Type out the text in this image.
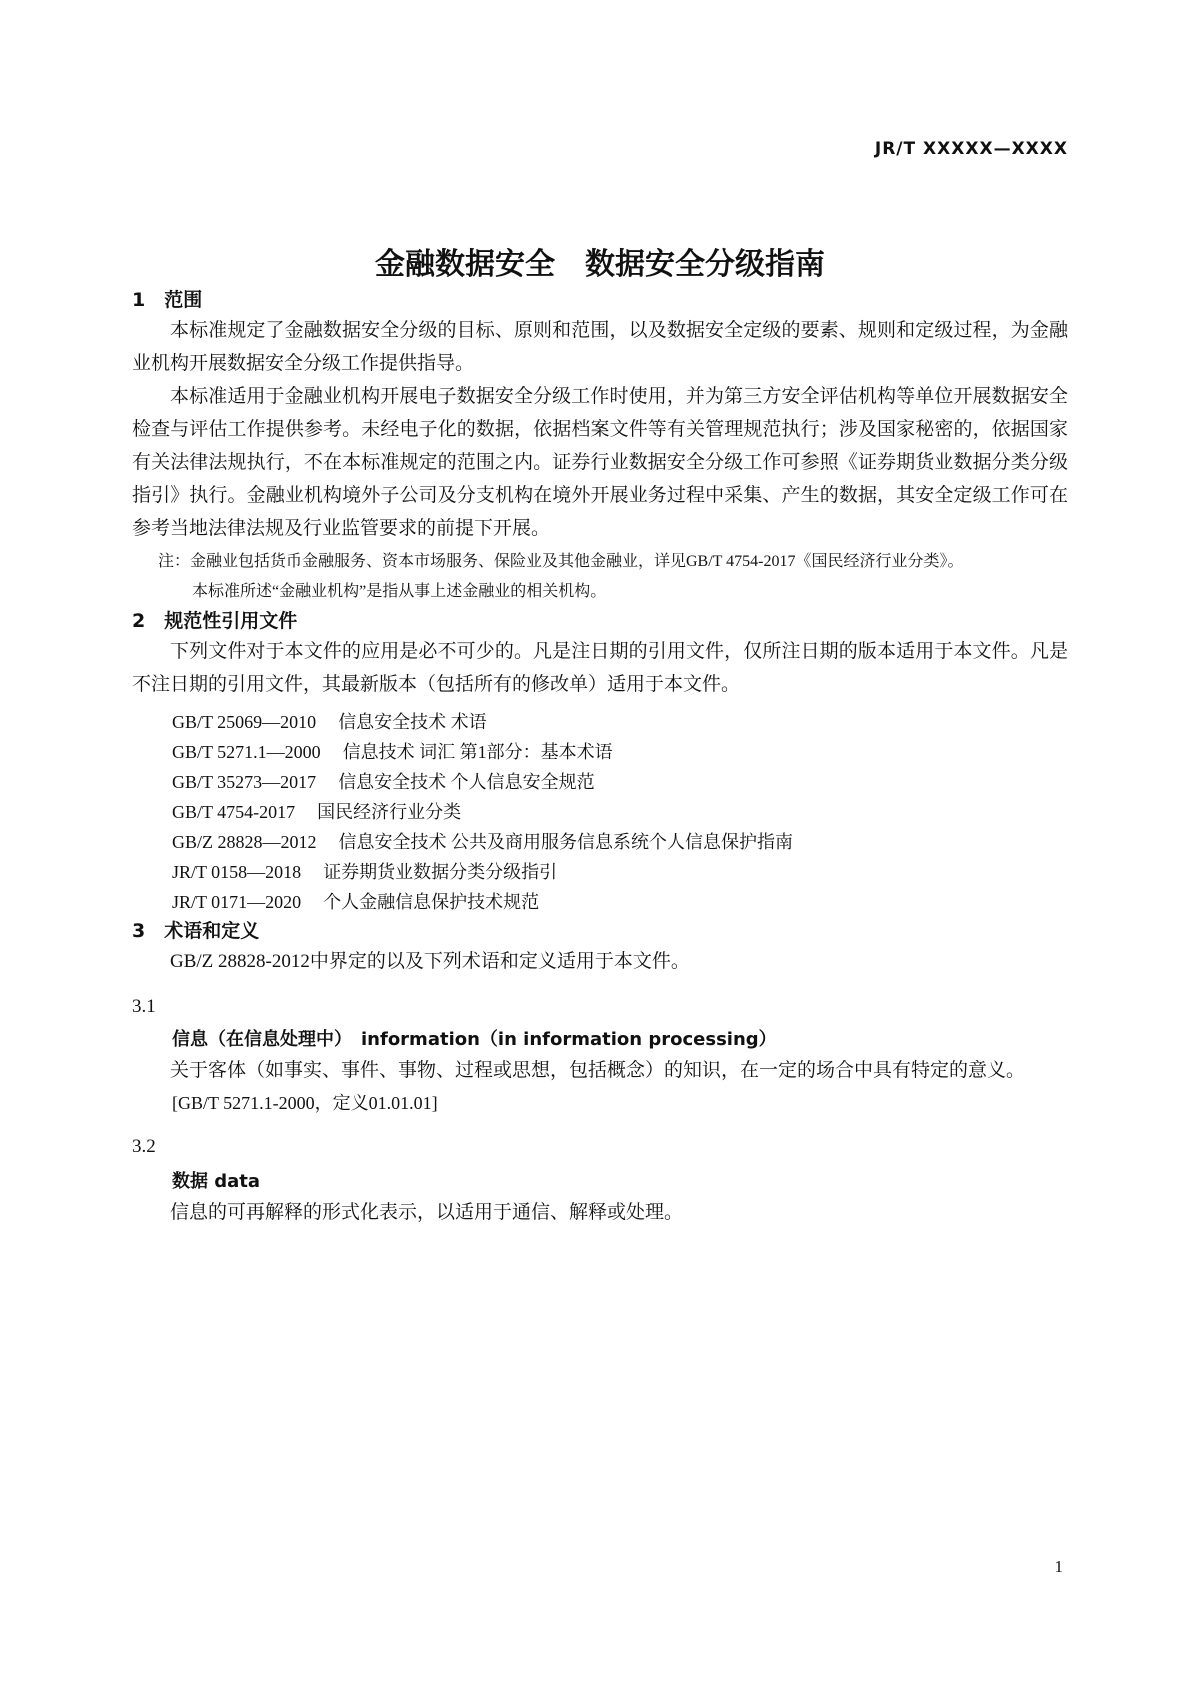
JR/T XXXXX—XXXX
金融数据安全　数据安全分级指南
1　范围

本标准规定了金融数据安全分级的目标、原则和范围，以及数据安全定级的要素、规则和定级过程，为金融业机构开展数据安全分级工作提供指导。

本标准适用于金融业机构开展电子数据安全分级工作时使用，并为第三方安全评估机构等单位开展数据安全检查与评估工作提供参考。未经电子化的数据，依据档案文件等有关管理规范执行；涉及国家秘密的，依据国家有关法律法规执行，不在本标准规定的范围之内。证券行业数据安全分级工作可参照《证券期货业数据分类分级指引》执行。金融业机构境外子公司及分支机构在境外开展业务过程中采集、产生的数据，其安全定级工作可在参考当地法律法规及行业监管要求的前提下开展。

注：金融业包括货币金融服务、资本市场服务、保险业及其他金融业，详见GB/T 4754-2017《国民经济行业分类》。
本标准所述“金融业机构”是指从事上述金融业的相关机构。
2　规范性引用文件

下列文件对于本文件的应用是必不可少的。凡是注日期的引用文件，仅所注日期的版本适用于本文件。凡是不注日期的引用文件，其最新版本（包括所有的修改单）适用于本文件。

GB/T 25069—2010 信息安全技术 术语
GB/T 5271.1—2000 信息技术 词汇 第1部分：基本术语
GB/T 35273—2017 信息安全技术 个人信息安全规范
GB/T 4754-2017 国民经济行业分类
GB/Z 28828—2012 信息安全技术 公共及商用服务信息系统个人信息保护指南
JR/T 0158—2018 证券期货业数据分类分级指引
JR/T 0171—2020 个人金融信息保护技术规范
3　术语和定义

GB/Z 28828-2012中界定的以及下列术语和定义适用于本文件。

3.1

信息（在信息处理中）　information（in information processing）

关于客体（如事实、事件、事物、过程或思想，包括概念）的知识，在一定的场合中具有特定的意义。

[GB/T 5271.1-2000，定义01.01.01]

3.2

数据 data

信息的可再解释的形式化表示，以适用于通信、解释或处理。

1
